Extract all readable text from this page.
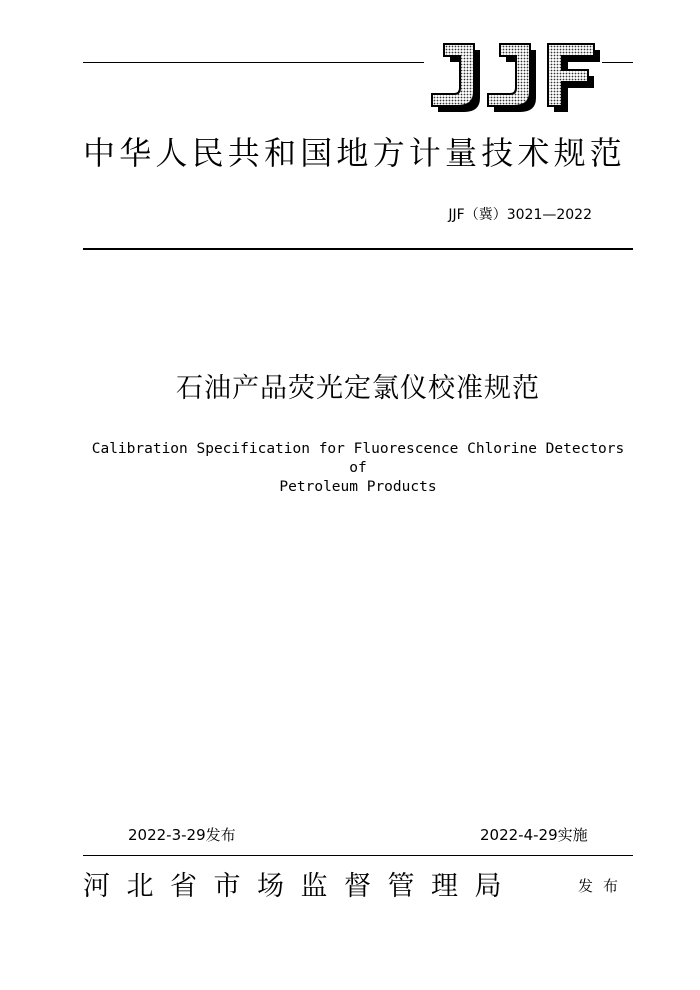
中华人民共和国地方计量技术规范
JJF（冀）3021—2022
石油产品荧光定氯仪校准规范
Calibration Specification for Fluorescence Chlorine Detectors of
Petroleum Products
2022-3-29发布	2022-4-29实施
河北省市场监督管理局	发布
